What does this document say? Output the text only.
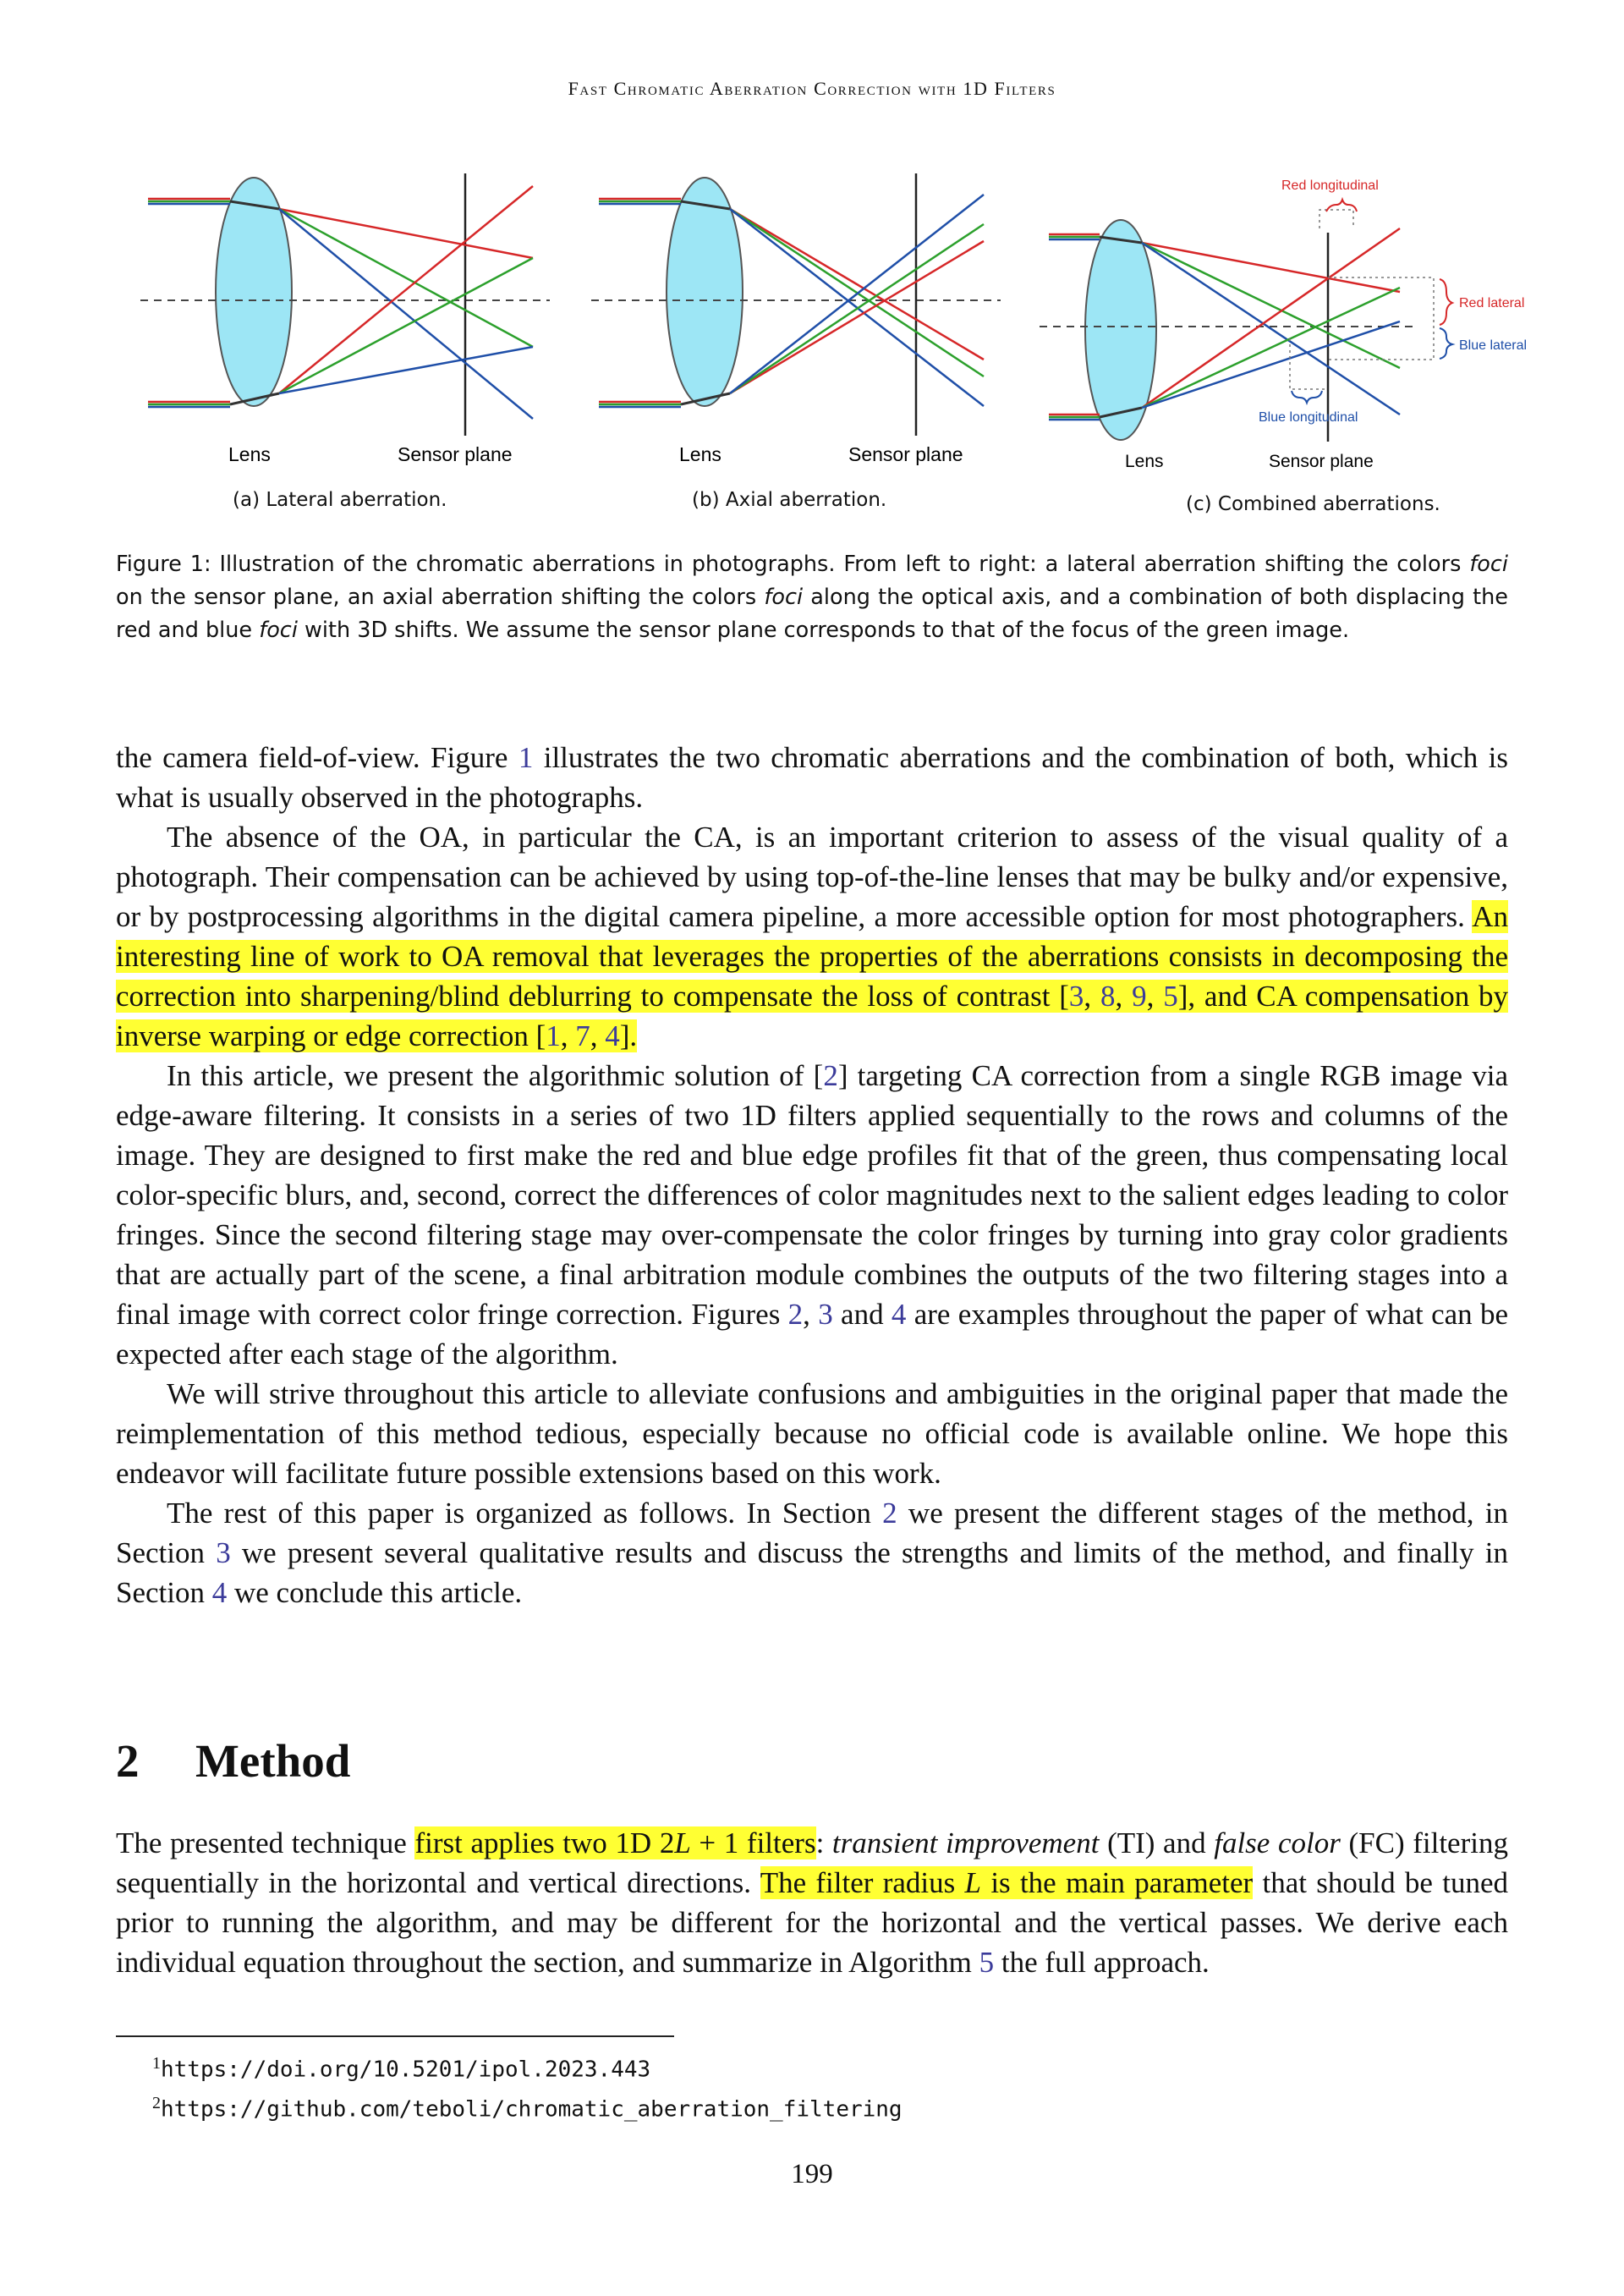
Fast Chromatic Aberration Correction with 1D Filters
Lens	Sensor plane
(a) Lateral aberration.
Lens	Sensor plane
(b) Axial aberration.
Red longitudinal
Red lateral
Blue lateral
Blue longitudinal
Lens	Sensor plane
(c) Combined aberrations.
Figure 1: Illustration of the chromatic aberrations in photographs. From left to right: a lateral aberration shifting the colors foci on the sensor plane, an axial aberration shifting the colors foci along the optical axis, and a combination of both displacing the red and blue foci with 3D shifts. We assume the sensor plane corresponds to that of the focus of the green image.

the camera field-of-view. Figure 1 illustrates the two chromatic aberrations and the combination of both, which is what is usually observed in the photographs.

The absence of the OA, in particular the CA, is an important criterion to assess of the visual quality of a photograph. Their compensation can be achieved by using top-of-the-line lenses that may be bulky and/or expensive, or by postprocessing algorithms in the digital camera pipeline, a more accessible option for most photographers. An interesting line of work to OA removal that leverages the properties of the aberrations consists in decomposing the correction into sharpening/blind deblurring to compensate the loss of contrast [3, 8, 9, 5], and CA compensation by inverse warping or edge correction [1, 7, 4].

In this article, we present the algorithmic solution of [2] targeting CA correction from a single RGB image via edge-aware filtering. It consists in a series of two 1D filters applied sequentially to the rows and columns of the image. They are designed to first make the red and blue edge profiles fit that of the green, thus compensating local color-specific blurs, and, second, correct the differences of color magnitudes next to the salient edges leading to color fringes. Since the second filtering stage may over-compensate the color fringes by turning into gray color gradients that are actually part of the scene, a final arbitration module combines the outputs of the two filtering stages into a final image with correct color fringe correction. Figures 2, 3 and 4 are examples throughout the paper of what can be expected after each stage of the algorithm.

We will strive throughout this article to alleviate confusions and ambiguities in the original paper that made the reimplementation of this method tedious, especially because no official code is available online. We hope this endeavor will facilitate future possible extensions based on this work.

The rest of this paper is organized as follows. In Section 2 we present the different stages of the method, in Section 3 we present several qualitative results and discuss the strengths and limits of the method, and finally in Section 4 we conclude this article.

2 Method

The presented technique first applies two 1D 2L + 1 filters: transient improvement (TI) and false color (FC) filtering sequentially in the horizontal and vertical directions. The filter radius L is the main parameter that should be tuned prior to running the algorithm, and may be different for the horizontal and the vertical passes. We derive each individual equation throughout the section, and summarize in Algorithm 5 the full approach.

$^1$https://doi.org/10.5201/ipol.2023.443
$^2$https://github.com/teboli/chromatic_aberration_filtering
199
